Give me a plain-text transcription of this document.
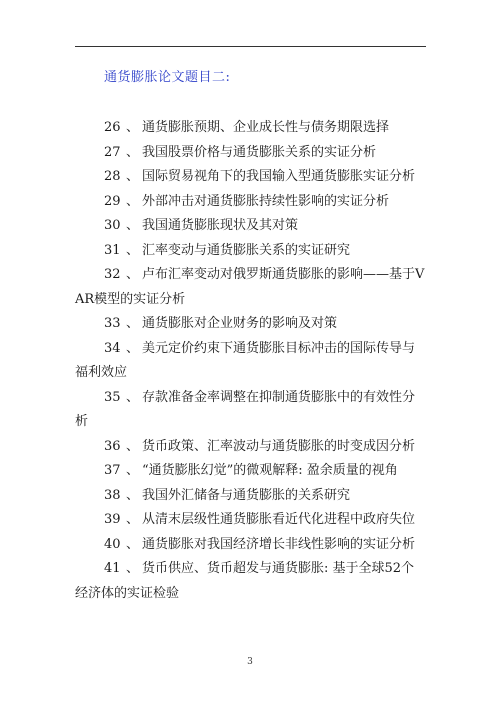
通货膨胀论文题目二:
26 、 通货膨胀预期、企业成长性与债务期限选择
27 、 我国股票价格与通货膨胀关系的实证分析
28 、 国际贸易视角下的我国输入型通货膨胀实证分析
29 、 外部冲击对通货膨胀持续性影响的实证分析
30 、 我国通货膨胀现状及其对策
31 、 汇率变动与通货膨胀关系的实证研究
32 、 卢布汇率变动对俄罗斯通货膨胀的影响——基于VAR模型的实证分析
33 、 通货膨胀对企业财务的影响及对策
34 、 美元定价约束下通货膨胀目标冲击的国际传导与福利效应
35 、 存款准备金率调整在抑制通货膨胀中的有效性分析
36 、 货币政策、汇率波动与通货膨胀的时变成因分析
37 、 “通货膨胀幻觉”的微观解释: 盈余质量的视角
38 、 我国外汇储备与通货膨胀的关系研究
39 、 从清末层级性通货膨胀看近代化进程中政府失位
40 、 通货膨胀对我国经济增长非线性影响的实证分析
41 、 货币供应、货币超发与通货膨胀: 基于全球52个经济体的实证检验
3
